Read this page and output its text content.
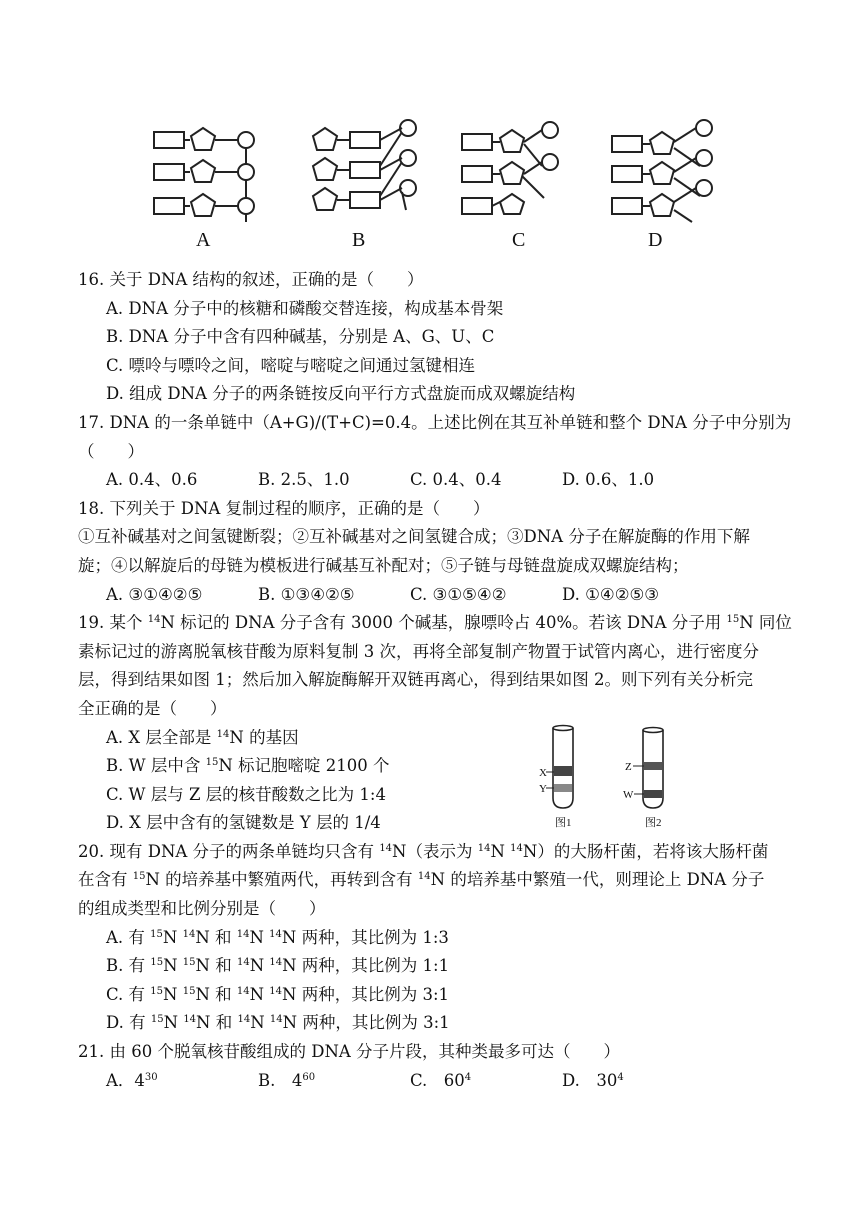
A	B	C	D
16. 关于 DNA 结构的叙述，正确的是（　　）
A. DNA 分子中的核糖和磷酸交替连接，构成基本骨架
B. DNA 分子中含有四种碱基，分别是 A、G、U、C
C. 嘌呤与嘌呤之间，嘧啶与嘧啶之间通过氢键相连
D. 组成 DNA 分子的两条链按反向平行方式盘旋而成双螺旋结构
17. DNA 的一条单链中（A+G)/(T+C)=0.4。上述比例在其互补单链和整个 DNA 分子中分别为
（　　）
A. 0.4、0.6	B. 2.5、1.0	C. 0.4、0.4	D. 0.6、1.0
18. 下列关于 DNA 复制过程的顺序，正确的是（　　）
①互补碱基对之间氢键断裂；②互补碱基对之间氢键合成；③DNA 分子在解旋酶的作用下解
旋；④以解旋后的母链为模板进行碱基互补配对；⑤子链与母链盘旋成双螺旋结构；
A. ③①④②⑤	B. ①③④②⑤	C. ③①⑤④②	D. ①④②⑤③
19. 某个 $^{14}$N 标记的 DNA 分子含有 3000 个碱基，腺嘌呤占 40%。若该 DNA 分子用 $^{15}$N 同位
素标记过的游离脱氧核苷酸为原料复制 3 次，再将全部复制产物置于试管内离心，进行密度分
层，得到结果如图 1；然后加入解旋酶解开双链再离心，得到结果如图 2。则下列有关分析完
全正确的是（　　）
A. X 层全部是 $^{14}$N 的基因
B. W 层中含 $^{15}$N 标记胞嘧啶 2100 个
C. W 层与 Z 层的核苷酸数之比为 1:4
D. X 层中含有的氢键数是 Y 层的 1/4
X
Y
Z
W
图1	图2
20. 现有 DNA 分子的两条单链均只含有 $^{14}$N（表示为 $^{14}$N $^{14}$N）的大肠杆菌，若将该大肠杆菌
在含有 $^{15}$N 的培养基中繁殖两代，再转到含有 $^{14}$N 的培养基中繁殖一代，则理论上 DNA 分子
的组成类型和比例分别是（　　）
A. 有 $^{15}$N $^{14}$N 和 $^{14}$N $^{14}$N 两种，其比例为 1:3
B. 有 $^{15}$N $^{15}$N 和 $^{14}$N $^{14}$N 两种，其比例为 1:1
C. 有 $^{15}$N $^{15}$N 和 $^{14}$N $^{14}$N 两种，其比例为 3:1
D. 有 $^{15}$N $^{14}$N 和 $^{14}$N $^{14}$N 两种，其比例为 3:1
21. 由 60 个脱氧核苷酸组成的 DNA 分子片段，其种类最多可达（　　）
A．$4^{30}$	B.　$4^{60}$	C.　$60^4$	D.　$30^4$
